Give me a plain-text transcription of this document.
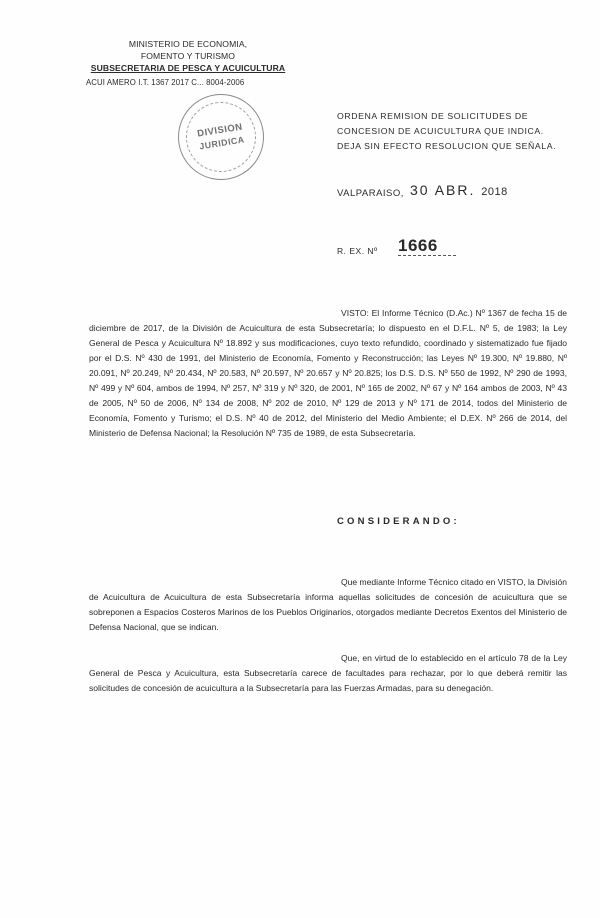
MINISTERIO DE ECONOMIA,
FOMENTO Y TURISMO
SUBSECRETARIA DE PESCA Y ACUICULTURA
ACUI AMERO I.T. 1367 2017 C... 8004-2006
DIVISION
JURIDICA
ORDENA REMISION DE SOLICITUDES DE CONCESION DE ACUICULTURA QUE INDICA. DEJA SIN EFECTO RESOLUCION QUE SEÑALA.
VALPARAISO, 30 ABR. 2018
R. EX. Nº 1666
VISTO: El Informe Técnico (D.Ac.) Nº 1367 de fecha 15 de diciembre de 2017, de la División de Acuicultura de esta Subsecretaría; lo dispuesto en el D.F.L. Nº 5, de 1983; la Ley General de Pesca y Acuicultura Nº 18.892 y sus modificaciones, cuyo texto refundido, coordinado y sistematizado fue fijado por el D.S. Nº 430 de 1991, del Ministerio de Economía, Fomento y Reconstrucción; las Leyes Nº 19.300, Nº 19.880, Nº 20.091, Nº 20.249, Nº 20.434, Nº 20.583, Nº 20.597, Nº 20.657 y Nº 20.825; los D.S. D.S. Nº 550 de 1992, Nº 290 de 1993, Nº 499 y Nº 604, ambos de 1994, Nº 257, Nº 319 y Nº 320, de 2001, Nº 165 de 2002, Nº 67 y Nº 164 ambos de 2003, Nº 43 de 2005, Nº 50 de 2006, Nº 134 de 2008, Nº 202 de 2010, Nº 129 de 2013 y Nº 171 de 2014, todos del Ministerio de Economía, Fomento y Turismo; el D.S. Nº 40 de 2012, del Ministerio del Medio Ambiente; el D.EX. Nº 266 de 2014, del Ministerio de Defensa Nacional; la Resolución Nº 735 de 1989, de esta Subsecretaría.
CONSIDERANDO:
Que mediante Informe Técnico citado en VISTO, la División de Acuicultura de Acuicultura de esta Subsecretaría informa aquellas solicitudes de concesión de acuicultura que se sobreponen a Espacios Costeros Marinos de los Pueblos Originarios, otorgados mediante Decretos Exentos del Ministerio de Defensa Nacional, que se indican.
Que, en virtud de lo establecido en el artículo 78 de la Ley General de Pesca y Acuicultura, esta Subsecretaría carece de facultades para rechazar, por lo que deberá remitir las solicitudes de concesión de acuicultura a la Subsecretaría para las Fuerzas Armadas, para su denegación.
